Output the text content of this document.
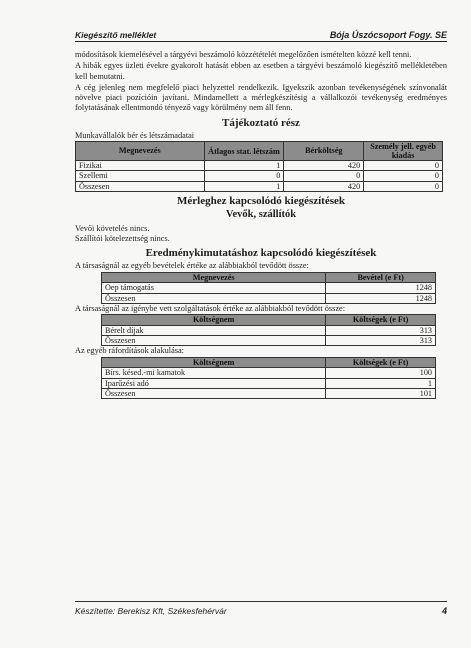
Kiegészítő melléklet	Bója Úszócsoport Fogy. SE

módosítások kiemelésével a tárgyévi beszámoló közzétételét megelőzően ismételten közzé kell tenni.

A hibák egyes üzleti évekre gyakorolt hatását ebben az esetben a tárgyévi beszámoló kiegészítő mellékletében kell bemutatni.

A cég jelenleg nem megfelelő piaci helyzettel rendelkezik. Igyekszik azonban tevékenységének színvonalát növelve piaci pozícióin javítani. Mindamellett a mérlegkészítésig a vállalkozói tevékenység eredményes folytatásának ellentmondó tényező vagy körülmény nem áll fenn.

Tájékoztató rész
Munkavállalók bér és létszámadatai
Megnevezés	Átlagos stat. létszám	Bérköltség	Személy jell. egyéb kiadás
Fizikai	1	420	0
Szellemi	0	0	0
Összesen	1	420	0
Mérleghez kapcsolódó kiegészítések
Vevők, szállítók
Vevői követelés nincs.
Szállítói kötelezettség nincs.
Eredménykimutatáshoz kapcsolódó kiegészítések
A társaságnál az egyéb bevételek értéke az alábbiakból tevődött össze:
Megnevezés	Bevétel (e Ft)
Oep támogatás	1248
Összesen	1248
A társaságnál az igénybe vett szolgáltatások értéke az alábbiakból tevődött össze:
Költségnem	Költségek (e Ft)
Bérelt díjak	313
Összesen	313
Az egyéb ráfordítások alakulása:
Költségnem	Költségek (e Ft)
Bírs. késed.-mi kamatok	100
Iparűzési adó	1
Összesen	101
Készítette: Berekisz Kft, Székesfehérvár	4
